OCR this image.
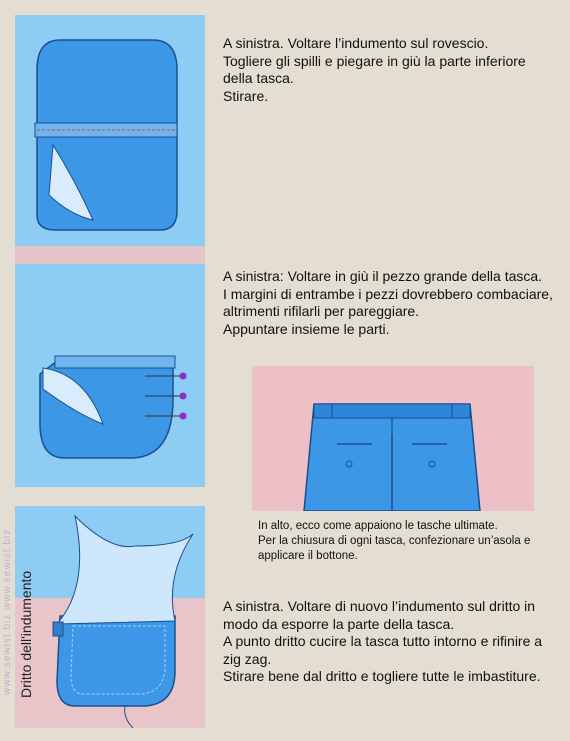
www.sewist.biz www.sewist.biz Dritto dell'indumento

A sinistra. Voltare l’indumento sul rovescio.

Togliere gli spilli e piegare in giù la parte inferiore della tasca.

Stirare.

A sinistra: Voltare in giù il pezzo grande della tasca.

I margini di entrambe i pezzi dovrebbero combaciare, altrimenti rifilarli per pareggiare.

Appuntare insieme le parti.

In alto, ecco come appaiono le tasche ultimate.

Per la chiusura di ogni tasca, confezionare un’asola e applicare il bottone.

A sinistra. Voltare di nuovo l’indumento sul dritto in modo da esporre la parte della tasca.

A punto dritto cucire la tasca tutto intorno e rifinire a zig zag.

Stirare bene dal dritto e togliere tutte le imbastiture.
